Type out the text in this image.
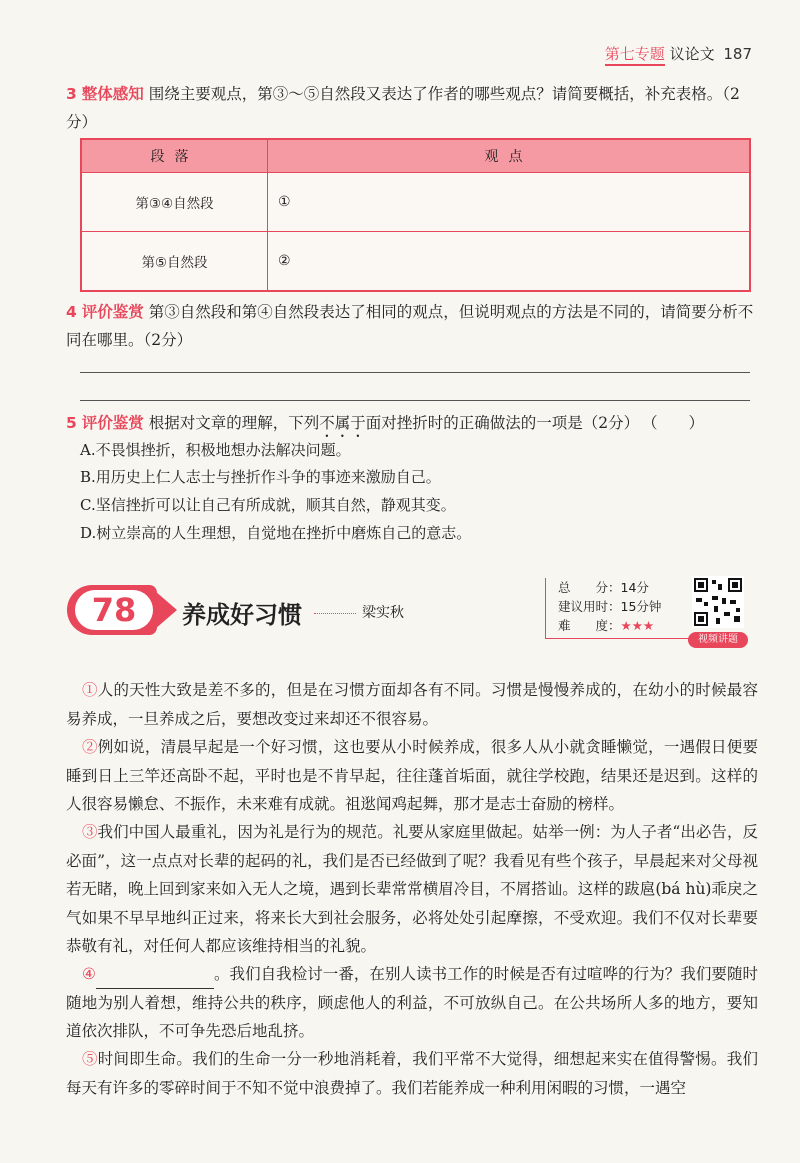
第七专题 议论文 187
3 整体感知 围绕主要观点，第③～⑤自然段又表达了作者的哪些观点？请简要概括，补充表格。（2分）
段落	观点
第③④自然段	①
第⑤自然段	②
4 评价鉴赏 第③自然段和第④自然段表达了相同的观点，但说明观点的方法是不同的，请简要分析不同在哪里。（2分）
5 评价鉴赏 根据对文章的理解，下列不属于面对挫折时的正确做法的一项是（2分） （　　）
A.不畏惧挫折，积极地想办法解决问题。
B.用历史上仁人志士与挫折作斗争的事迹来激励自己。
C.坚信挫折可以让自己有所成就，顺其自然，静观其变。
D.树立崇高的人生理想，自觉地在挫折中磨炼自己的意志。
78	养成好习惯	梁实秋
总　　分：14分
建议用时：15分钟
难　　度：★★★
视频讲题
①人的天性大致是差不多的，但是在习惯方面却各有不同。习惯是慢慢养成的，在幼小的时候最容易养成，一旦养成之后，要想改变过来却还不很容易。
②例如说，清晨早起是一个好习惯，这也要从小时候养成，很多人从小就贪睡懒觉，一遇假日便要睡到日上三竿还高卧不起，平时也是不肯早起，往往蓬首垢面，就往学校跑，结果还是迟到。这样的人很容易懒怠、不振作，未来难有成就。祖逖闻鸡起舞，那才是志士奋励的榜样。
③我们中国人最重礼，因为礼是行为的规范。礼要从家庭里做起。姑举一例：为人子者“出必告，反必面”，这一点点对长辈的起码的礼，我们是否已经做到了呢？我看见有些个孩子，早晨起来对父母视若无睹，晚上回到家来如入无人之境，遇到长辈常常横眉冷目，不屑搭讪。这样的跋扈(bá hù)乖戾之气如果不早早地纠正过来，将来长大到社会服务，必将处处引起摩擦，不受欢迎。我们不仅对长辈要恭敬有礼，对任何人都应该维持相当的礼貌。
④	。我们自我检讨一番，在别人读书工作的时候是否有过喧哗的行为？我们要随时随地为别人着想，维持公共的秩序，顾虑他人的利益，不可放纵自己。在公共场所人多的地方，要知道依次排队，不可争先恐后地乱挤。
⑤时间即生命。我们的生命一分一秒地消耗着，我们平常不大觉得，细想起来实在值得警惕。我们每天有许多的零碎时间于不知不觉中浪费掉了。我们若能养成一种利用闲暇的习惯，一遇空
